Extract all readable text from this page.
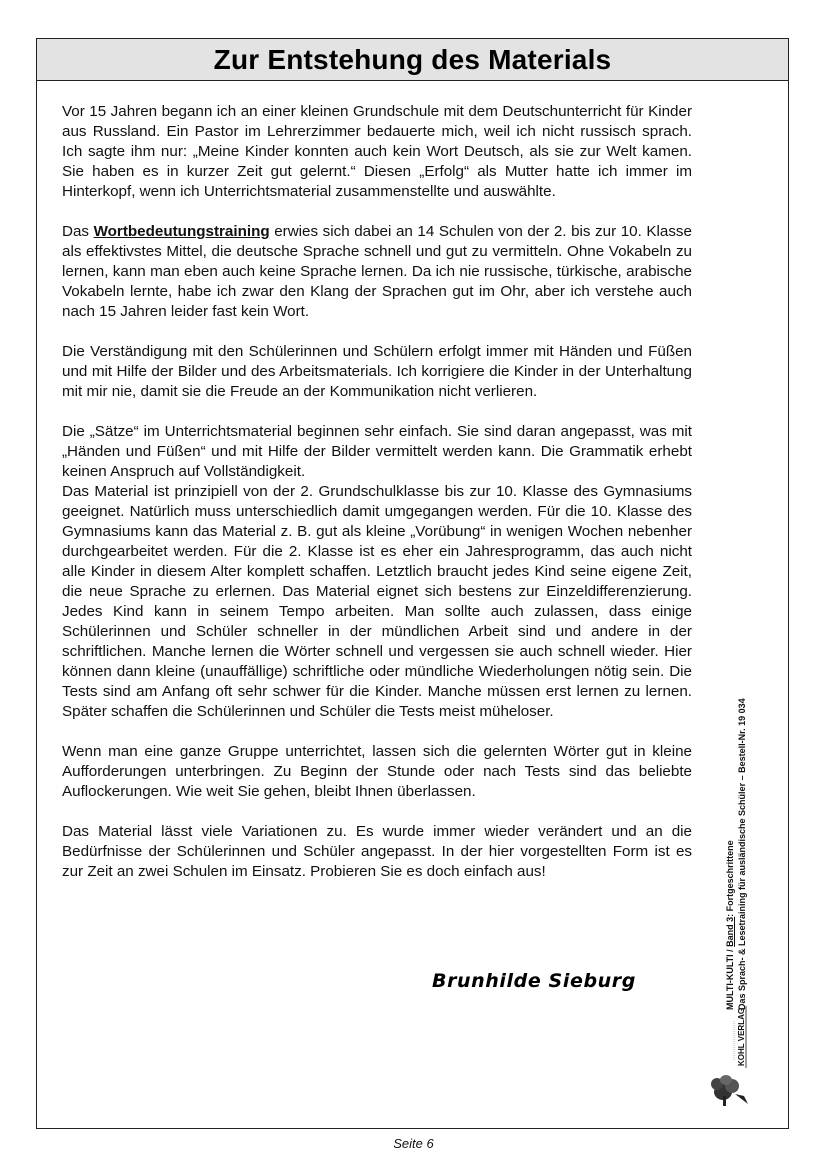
Zur Entstehung des Materials

Vor 15 Jahren begann ich an einer kleinen Grundschule mit dem Deutschunterricht für Kinder aus Russland. Ein Pastor im Lehrerzimmer bedauerte mich, weil ich nicht russisch sprach. Ich sagte ihm nur: „Meine Kinder konnten auch kein Wort Deutsch, als sie zur Welt kamen. Sie haben es in kurzer Zeit gut gelernt.“ Diesen „Erfolg“ als Mutter hatte ich immer im Hinterkopf, wenn ich Unterrichtsmaterial zusammenstellte und auswählte.

Das Wortbedeutungstraining erwies sich dabei an 14 Schulen von der 2. bis zur 10. Klasse als effektivstes Mittel, die deutsche Sprache schnell und gut zu vermitteln. Ohne Vokabeln zu lernen, kann man eben auch keine Sprache lernen. Da ich nie russische, türkische, arabische Vokabeln lernte, habe ich zwar den Klang der Sprachen gut im Ohr, aber ich verstehe auch nach 15 Jahren leider fast kein Wort.

Die Verständigung mit den Schülerinnen und Schülern erfolgt immer mit Händen und Füßen und mit Hilfe der Bilder und des Arbeitsmaterials. Ich korrigiere die Kinder in der Unterhaltung mit mir nie, damit sie die Freude an der Kommunikation nicht verlieren.

Die „Sätze“ im Unterrichtsmaterial beginnen sehr einfach. Sie sind daran angepasst, was mit „Händen und Füßen“ und mit Hilfe der Bilder vermittelt werden kann. Die Grammatik erhebt keinen Anspruch auf Vollständigkeit.

Das Material ist prinzipiell von der 2. Grundschulklasse bis zur 10. Klasse des Gymnasiums geeignet. Natürlich muss unterschiedlich damit umgegangen werden. Für die 10. Klasse des Gymnasiums kann das Material z. B. gut als kleine „Vorübung“ in wenigen Wochen nebenher durchgearbeitet werden. Für die 2. Klasse ist es eher ein Jahresprogramm, das auch nicht alle Kinder in diesem Alter komplett schaffen. Letztlich braucht jedes Kind seine eigene Zeit, die neue Sprache zu erlernen. Das Material eignet sich bestens zur Einzeldifferenzierung. Jedes Kind kann in seinem Tempo arbeiten. Man sollte auch zulassen, dass einige Schülerinnen und Schüler schneller in der mündlichen Arbeit sind und andere in der schriftlichen. Manche lernen die Wörter schnell und vergessen sie auch schnell wieder. Hier können dann kleine (unauffällige) schriftliche oder mündliche Wiederholungen nötig sein. Die Tests sind am Anfang oft sehr schwer für die Kinder. Manche müssen erst lernen zu lernen. Später schaffen die Schülerinnen und Schüler die Tests meist müheloser.

Wenn man eine ganze Gruppe unterrichtet, lassen sich die gelernten Wörter gut in kleine Aufforderungen unterbringen. Zu Beginn der Stunde oder nach Tests sind das beliebte Auflockerungen. Wie weit Sie gehen, bleibt Ihnen überlassen.

Das Material lässt viele Variationen zu. Es wurde immer wieder verändert und an die Bedürfnisse der Schülerinnen und Schüler angepasst. In der hier vorgestellten Form ist es zur Zeit an zwei Schulen im Einsatz. Probieren Sie es doch einfach aus!

Brunhilde Sieburg	MULTI-KULTI / Band 3: Fortgeschrittene Das Sprach- & Lesetraining für ausländische Schüler – Bestell-Nr. 19 034
KOHL VERLAG
Seite 6
